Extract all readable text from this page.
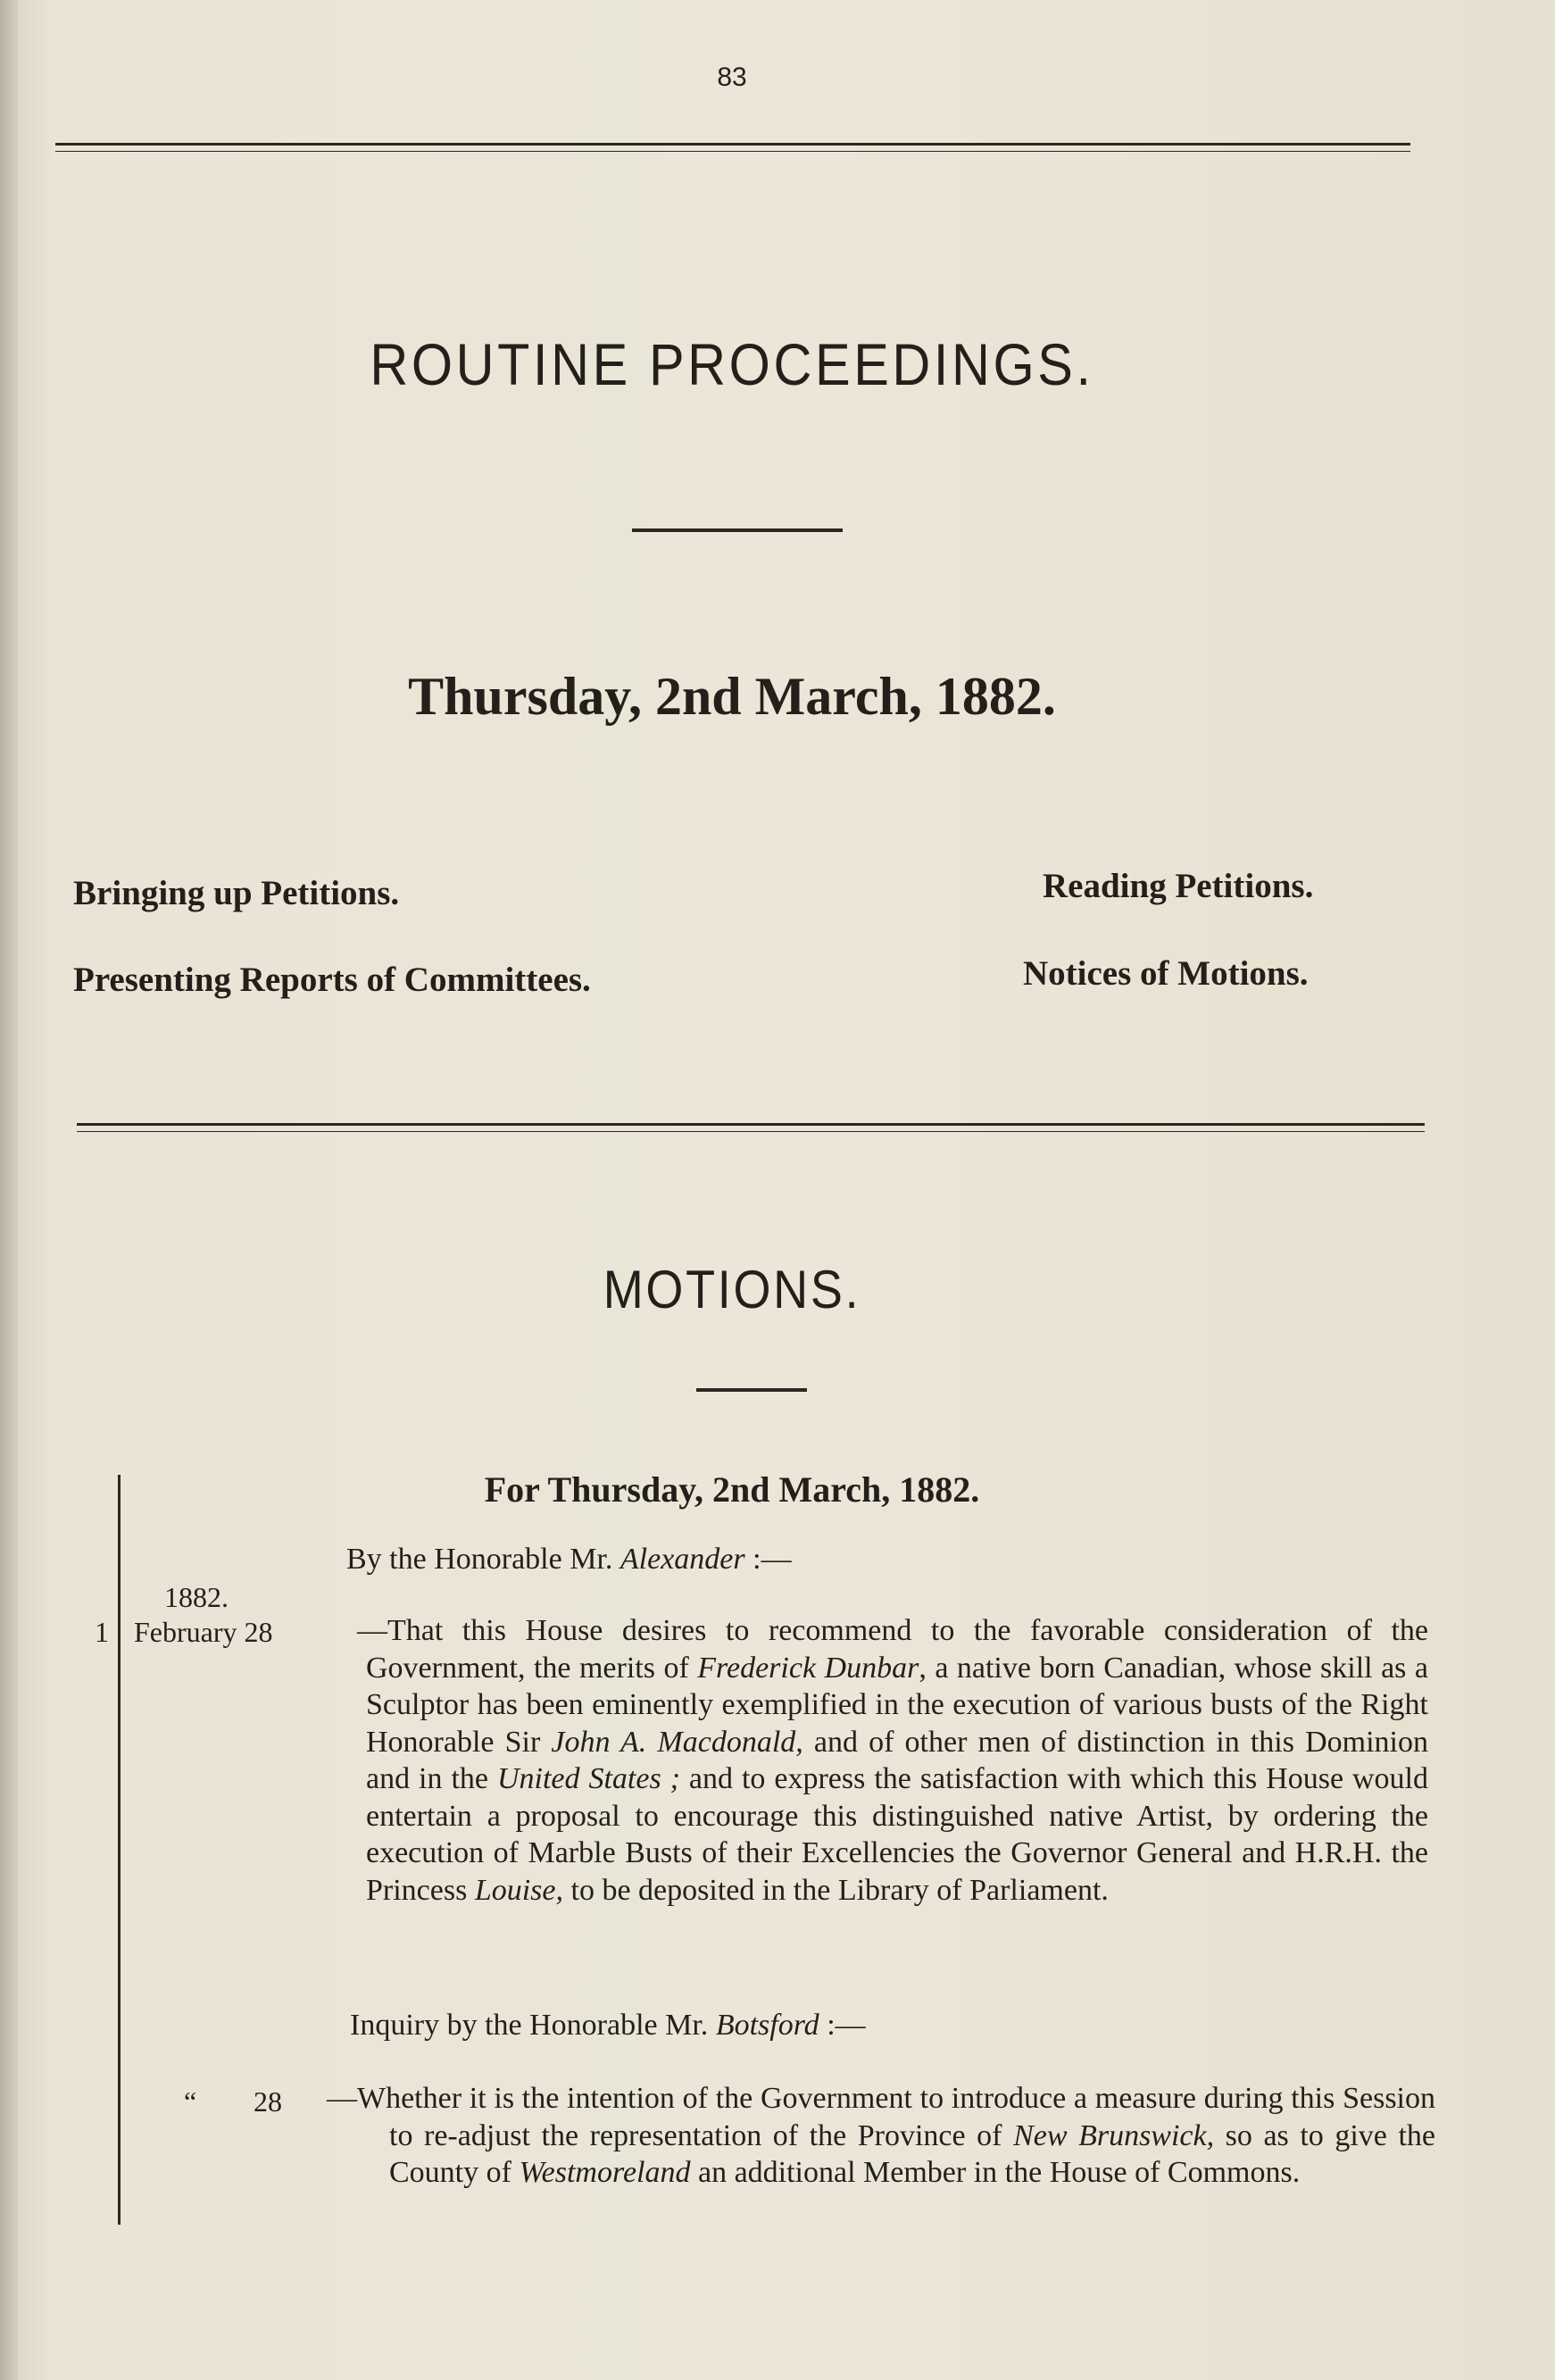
83
ROUTINE PROCEEDINGS.
Thursday, 2nd March, 1882.
Bringing up Petitions.	Reading Petitions.
Presenting Reports of Committees.	Notices of Motions.
MOTIONS.
For Thursday, 2nd March, 1882.
By the Honorable Mr. Alexander :—
1882.
1 February 28	—That this House desires to recommend to the favorable consideration of the Government, the merits of Frederick Dunbar, a native born Canadian, whose skill as a Sculptor has been eminently exemplified in the execution of various busts of the Right Honorable Sir John A. Macdonald, and of other men of distinction in this Dominion and in the United States ; and to express the satisfaction with which this House would entertain a proposal to encourage this distinguished native Artist, by ordering the execution of Marble Busts of their Excellencies the Governor General and H.R.H. the Princess Louise, to be deposited in the Library of Parliament.
Inquiry by the Honorable Mr. Botsford :—
“ 28 —Whether it is the intention of the Government to introduce a measure during this Session to re-adjust the representation of the Province of New Brunswick, so as to give the County of Westmoreland an additional Member in the House of Commons.
